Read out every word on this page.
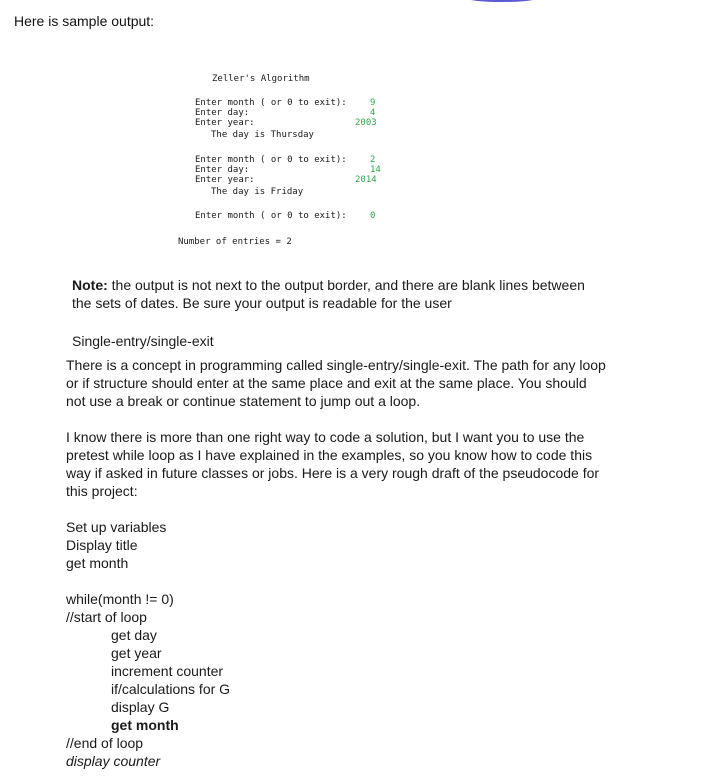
Here is sample output:
Zeller's Algorithm
Enter month ( or 0 to exit):	9
Enter day:	4
Enter year:	2003
The day is Thursday
Enter month ( or 0 to exit):	2
Enter day:	14
Enter year:	2014
The day is Friday
Enter month ( or 0 to exit):	0
Number of entries = 2
Note: the output is not next to the output border, and there are blank lines between
the sets of dates. Be sure your output is readable for the user
Single-entry/single-exit
There is a concept in programming called single-entry/single-exit. The path for any loop
or if structure should enter at the same place and exit at the same place. You should
not use a break or continue statement to jump out a loop.
I know there is more than one right way to code a solution, but I want you to use the
pretest while loop as I have explained in the examples, so you know how to code this
way if asked in future classes or jobs. Here is a very rough draft of the pseudocode for
this project:
Set up variables
Display title
get month
while(month != 0)
//start of loop
get day
get year
increment counter
if/calculations for G
display G
get month
//end of loop
display counter
